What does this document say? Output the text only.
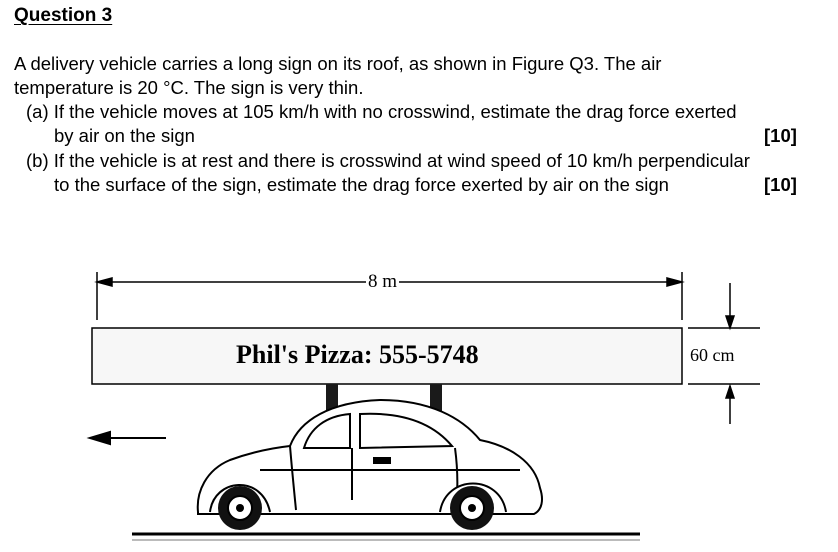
Question 3
A delivery vehicle carries a long sign on its roof, as shown in Figure Q3. The air
temperature is 20 °C. The sign is very thin.
(a) If the vehicle moves at 105 km/h with no crosswind, estimate the drag force exerted
by air on the sign	[10]
(b) If the vehicle is at rest and there is crosswind at wind speed of 10 km/h perpendicular
to the surface of the sign, estimate the drag force exerted by air on the sign	[10]
8 m
Phil's Pizza: 555-5748	60 cm
